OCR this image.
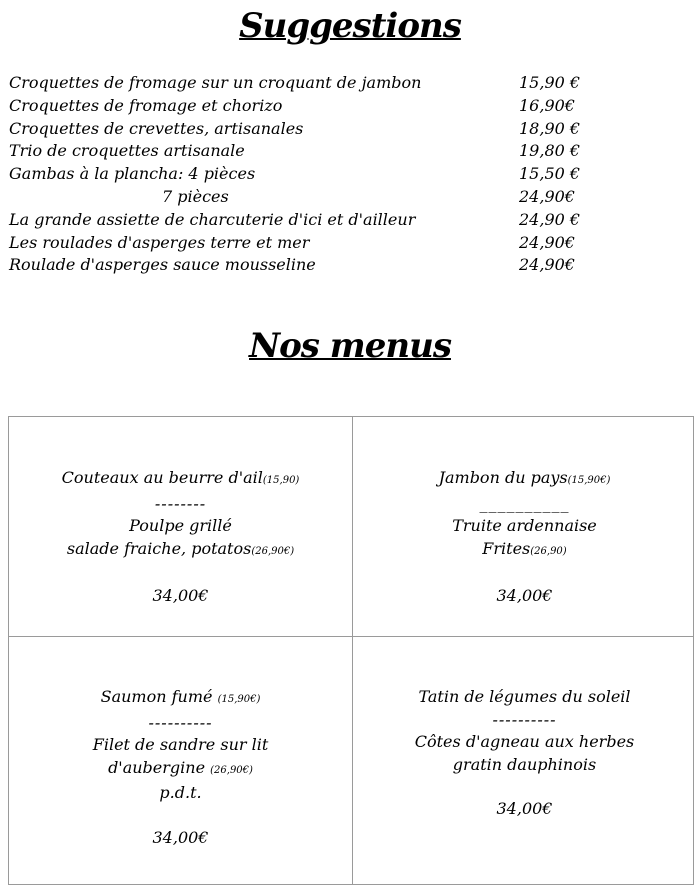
Suggestions
Croquettes de fromage sur un croquant de jambon	15,90 €
Croquettes de fromage et chorizo	16,90€
Croquettes de crevettes, artisanales	18,90 €
Trio de croquettes artisanale	19,80 €
Gambas à la plancha: 4 pièces	15,50 €
7 pièces	24,90€
La grande assiette de charcuterie d'ici et d'ailleur	24,90 €
Les roulades d'asperges terre et mer	24,90€
Roulade d'asperges sauce mousseline	24,90€
Nos menus
Couteaux au beurre d'ail(15,90)
--------
Poulpe grillé
salade fraiche, potatos(26,90€)
34,00€
Jambon du pays(15,90€)
__________
Truite ardennaise
Frites(26,90)
34,00€
Saumon fumé (15,90€)
----------
Filet de sandre sur lit
d'aubergine (26,90€)
p.d.t.
34,00€
Tatin de légumes du soleil
----------
Côtes d'agneau aux herbes
gratin dauphinois
34,00€
